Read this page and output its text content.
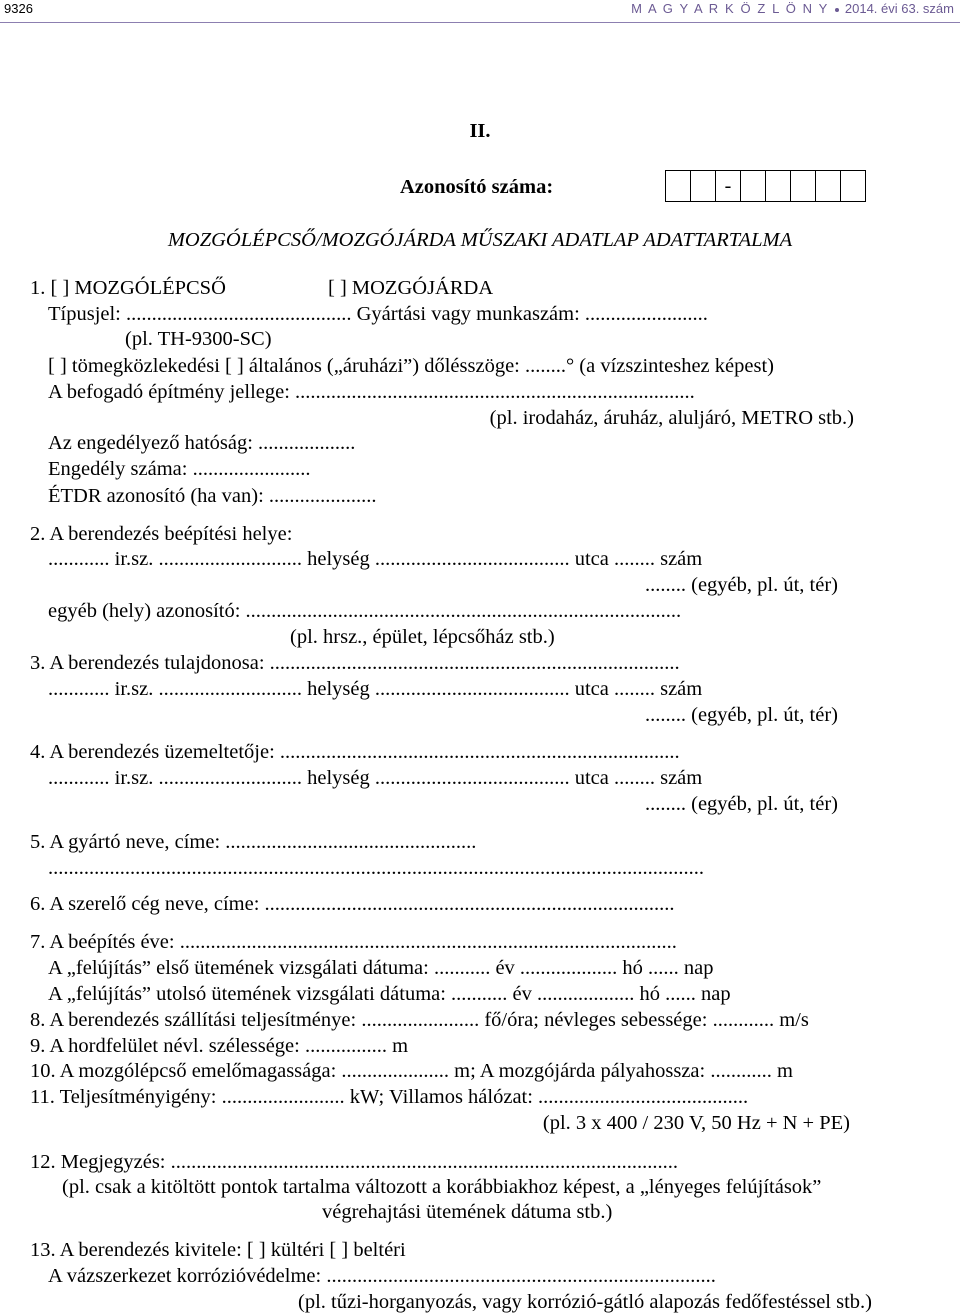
9326	M A G Y A R K Ö Z L Ö N Y 2014. évi 63. szám
II.
Azonosító száma:	-
MOZGÓLÉPCSŐ/MOZGÓJÁRDA MŰSZAKI ADATLAP ADATTARTALMA
1. [ ] MOZGÓLÉPCSŐ	[ ] MOZGÓJÁRDA
Típusjel: ............................................ Gyártási vagy munkaszám: ........................
(pl. TH-9300-SC)
[ ] tömegközlekedési [ ] általános („áruházi”) dőlésszöge: ........° (a vízszinteshez képest)
A befogadó építmény jellege: ..............................................................................
(pl. irodaház, áruház, aluljáró, METRO stb.)
Az engedélyező hatóság: ...................
Engedély száma: .......................
ÉTDR azonosító (ha van): .....................
2. A berendezés beépítési helye:
............ ir.sz. ............................ helység ...................................... utca ........ szám
........ (egyéb, pl. út, tér)
egyéb (hely) azonosító: .....................................................................................
(pl. hrsz., épület, lépcsőház stb.)
3. A berendezés tulajdonosa: ................................................................................
............ ir.sz. ............................ helység ...................................... utca ........ szám
........ (egyéb, pl. út, tér)
4. A berendezés üzemeltetője: ..............................................................................
............ ir.sz. ............................ helység ...................................... utca ........ szám
........ (egyéb, pl. út, tér)
5. A gyártó neve, címe: .................................................
................................................................................................................................
6. A szerelő cég neve, címe: ................................................................................
7. A beépítés éve: .................................................................................................
A „felújítás” első ütemének vizsgálati dátuma: ........... év ................... hó ...... nap
A „felújítás” utolsó ütemének vizsgálati dátuma: ........... év ................... hó ...... nap
8. A berendezés szállítási teljesítménye: ....................... fő/óra; névleges sebessége: ............ m/s
9. A hordfelület névl. szélessége: ................ m
10. A mozgólépcső emelőmagassága: ..................... m; A mozgójárda pályahossza: ............ m
11. Teljesítményigény: ........................ kW; Villamos hálózat: .........................................
(pl. 3 x 400 / 230 V, 50 Hz + N + PE)
12. Megjegyzés: ...................................................................................................
(pl. csak a kitöltött pontok tartalma változott a korábbiakhoz képest, a „lényeges felújítások”
végrehajtási ütemének dátuma stb.)
13. A berendezés kivitele: [ ] kültéri [ ] beltéri
A vázszerkezet korrózióvédelme: ............................................................................
(pl. tűzi-horganyozás, vagy korrózió-gátló alapozás fedőfestéssel stb.)
